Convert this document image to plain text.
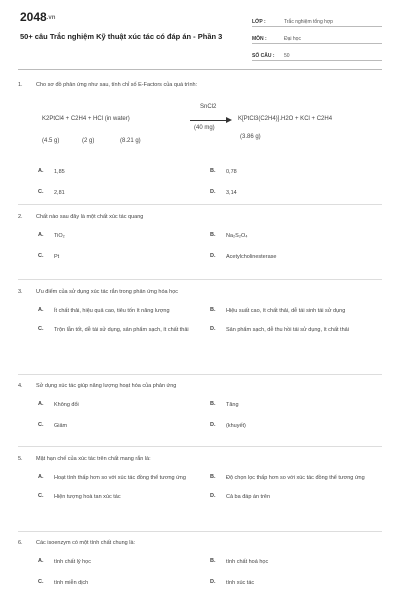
2048.vn
50+ câu Trắc nghiệm Kỹ thuật xúc tác có đáp án - Phần 3
LỚP :	Trắc nghiệm tổng hợp
MÔN :	Đại học
SỐ CÂU : 50
1.	Cho sơ đồ phản ứng như sau, tính chỉ số E-Factors của quá trình:
K2PtCl4 + C2H4 + HCl (in water)
SnCl2
(40 mg)
K[PtCl3(C2H4)].H2O + KCl + C2H4
(4.5 g)	(2 g)	(8.21 g)
(3.86 g)
A.	1,85	B.	0,78
C.	2,81	D.	3,14
2.	Chất nào sau đây là một chất xúc tác quang
A.	TiO₂	B.	Na₂S₂O₄
C.	Pt	D.	Acetylcholinesterase
3.	Ưu điểm của sử dụng xúc tác rắn trong phản ứng hóa học
A.	Ít chất thải, hiệu quả cao, tiêu tốn ít năng lượng	B.	Hiệu suất cao, ít chất thải, dễ tái sinh tái sử dụng
C.	Trộn lẫn tốt, dễ tái sử dụng, sản phẩm sạch, ít chất thải	D.	Sản phẩm sạch, dễ thu hồi tái sử dụng, ít chất thải
4.	Sử dụng xúc tác giúp năng lượng hoạt hóa của phản ứng
A.	Không đổi	B.	Tăng
C.	Giảm	D.	(khuyết)
5.	Mặt hạn chế của xúc tác trên chất mang rắn là:
A.	Hoạt tính thấp hơn so với xúc tác đồng thể tương ứng	B.	Độ chọn lọc thấp hơn so với xúc tác đồng thể tương ứng
C.	Hiện tượng hoà tan xúc tác	D.	Cả ba đáp án trên
6.	Các isoenzym có một tính chất chung là:
A.	tính chất lý học	B.	tính chất hoá học
C.	tính miễn dịch	D.	tính xúc tác
